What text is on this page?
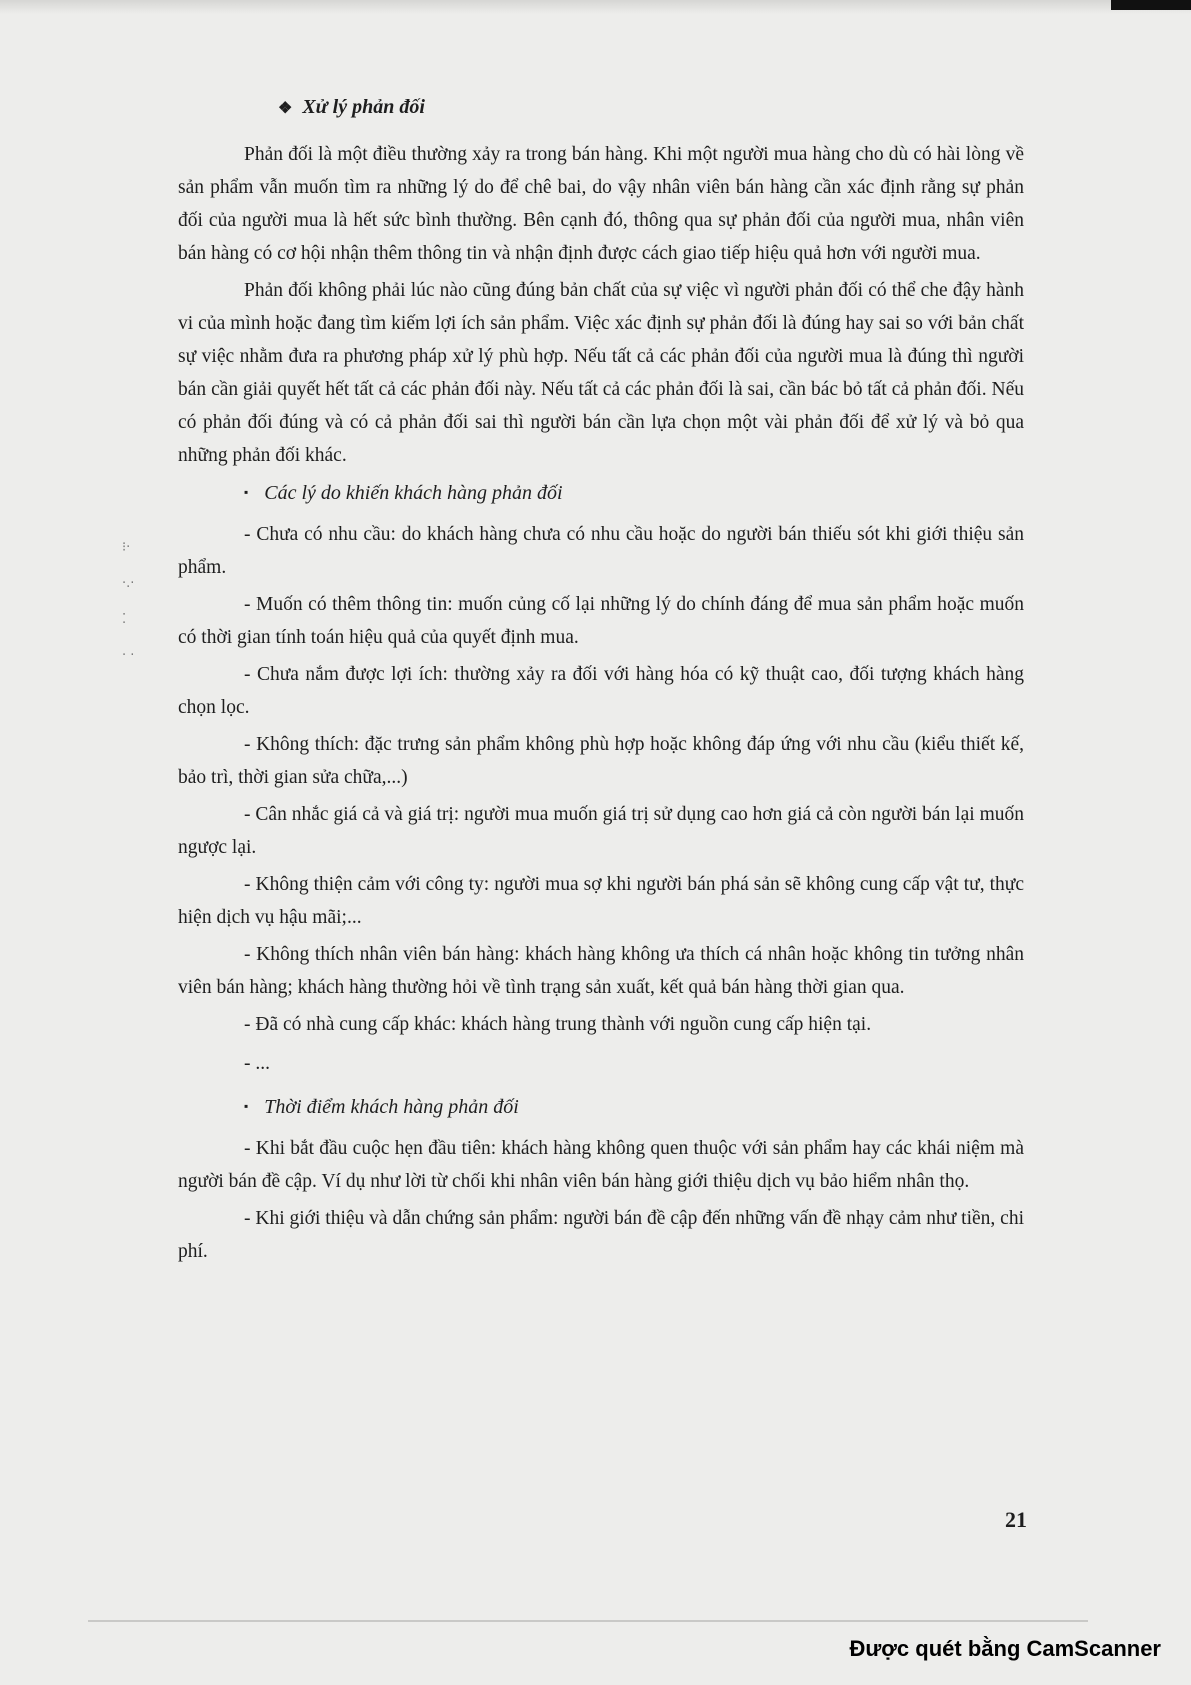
⁝·
·.·
⁚
· ·
❖ Xử lý phản đối

Phản đối là một điều thường xảy ra trong bán hàng. Khi một người mua hàng cho dù có hài lòng về sản phẩm vẫn muốn tìm ra những lý do để chê bai, do vậy nhân viên bán hàng cần xác định rằng sự phản đối của người mua là hết sức bình thường. Bên cạnh đó, thông qua sự phản đối của người mua, nhân viên bán hàng có cơ hội nhận thêm thông tin và nhận định được cách giao tiếp hiệu quả hơn với người mua.

Phản đối không phải lúc nào cũng đúng bản chất của sự việc vì người phản đối có thể che đậy hành vi của mình hoặc đang tìm kiếm lợi ích sản phẩm. Việc xác định sự phản đối là đúng hay sai so với bản chất sự việc nhằm đưa ra phương pháp xử lý phù hợp. Nếu tất cả các phản đối của người mua là đúng thì người bán cần giải quyết hết tất cả các phản đối này. Nếu tất cả các phản đối là sai, cần bác bỏ tất cả phản đối. Nếu có phản đối đúng và có cả phản đối sai thì người bán cần lựa chọn một vài phản đối để xử lý và bỏ qua những phản đối khác.

▪ Các lý do khiến khách hàng phản đối

- Chưa có nhu cầu: do khách hàng chưa có nhu cầu hoặc do người bán thiếu sót khi giới thiệu sản phẩm.

- Muốn có thêm thông tin: muốn củng cố lại những lý do chính đáng để mua sản phẩm hoặc muốn có thời gian tính toán hiệu quả của quyết định mua.

- Chưa nắm được lợi ích: thường xảy ra đối với hàng hóa có kỹ thuật cao, đối tượng khách hàng chọn lọc.

- Không thích: đặc trưng sản phẩm không phù hợp hoặc không đáp ứng với nhu cầu (kiểu thiết kế, bảo trì, thời gian sửa chữa,...)

- Cân nhắc giá cả và giá trị: người mua muốn giá trị sử dụng cao hơn giá cả còn người bán lại muốn ngược lại.

- Không thiện cảm với công ty: người mua sợ khi người bán phá sản sẽ không cung cấp vật tư, thực hiện dịch vụ hậu mãi;...

- Không thích nhân viên bán hàng: khách hàng không ưa thích cá nhân hoặc không tin tưởng nhân viên bán hàng; khách hàng thường hỏi về tình trạng sản xuất, kết quả bán hàng thời gian qua.

- Đã có nhà cung cấp khác: khách hàng trung thành với nguồn cung cấp hiện tại.

- ...
▪ Thời điểm khách hàng phản đối

- Khi bắt đầu cuộc hẹn đầu tiên: khách hàng không quen thuộc với sản phẩm hay các khái niệm mà người bán đề cập. Ví dụ như lời từ chối khi nhân viên bán hàng giới thiệu dịch vụ bảo hiểm nhân thọ.

- Khi giới thiệu và dẫn chứng sản phẩm: người bán đề cập đến những vấn đề nhạy cảm như tiền, chi phí.

21
Được quét bằng CamScanner
